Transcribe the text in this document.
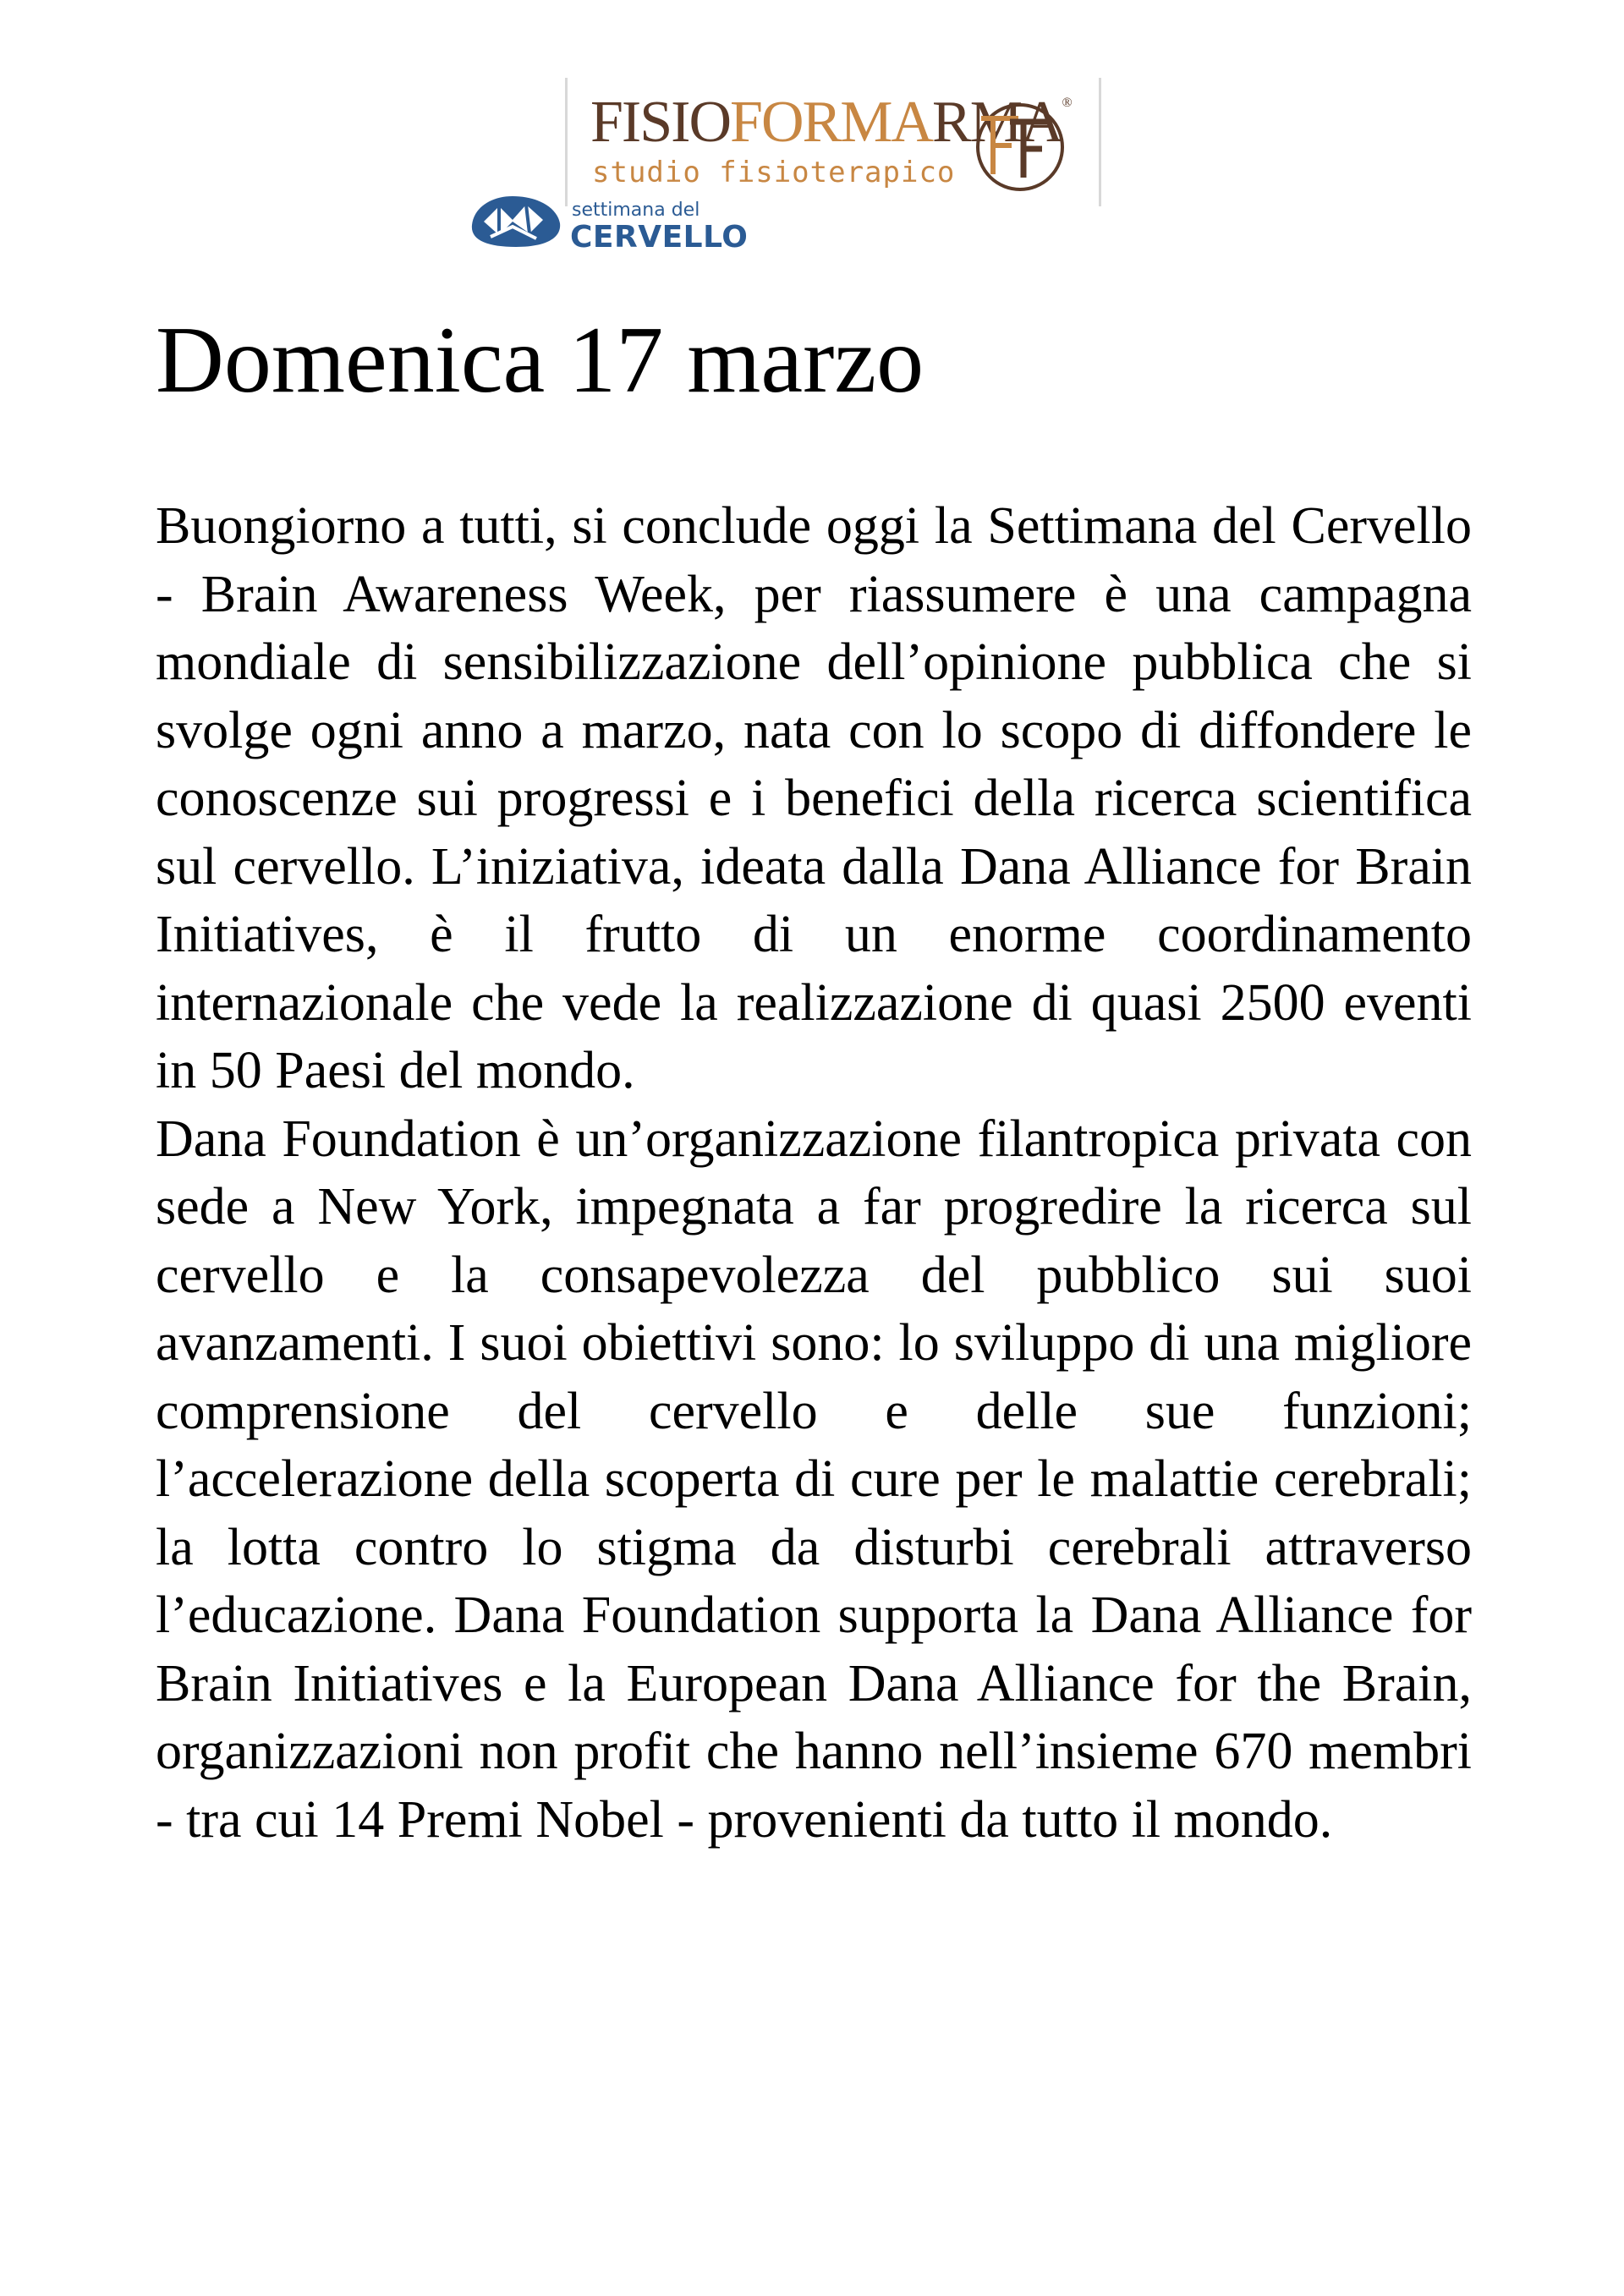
FISIOFORMARMA®
studio fisioterapico
settimana del
CERVELLO
Domenica 17 marzo

Buongiorno a tutti, si conclude oggi la Settimana del Cervello - Brain Awareness Week, per riassumere è una campagna mondiale di sensibilizzazione dell’opinione pubblica che si svolge ogni anno a marzo, nata con lo scopo di diffondere le conoscenze sui progressi e i benefici della ricerca scientifica sul cervello. L’iniziativa, ideata dalla Dana Alliance for Brain Initiatives, è il frutto di un enorme coordinamento internazionale che vede la realizzazione di quasi 2500 eventi in 50 Paesi del mondo.

Dana Foundation è un’organizzazione filantropica privata con sede a New York, impegnata a far progredire la ricerca sul cervello e la consapevolezza del pubblico sui suoi avanzamenti. I suoi obiettivi sono: lo sviluppo di una migliore comprensione del cervello e delle sue funzioni; l’accelerazione della scoperta di cure per le malattie cerebrali; la lotta contro lo stigma da disturbi cerebrali attraverso l’educazione. Dana Foundation supporta la Dana Alliance for Brain Initiatives e la European Dana Alliance for the Brain, organizzazioni non profit che hanno nell’insieme 670 membri - tra cui 14 Premi Nobel - provenienti da tutto il mondo.
